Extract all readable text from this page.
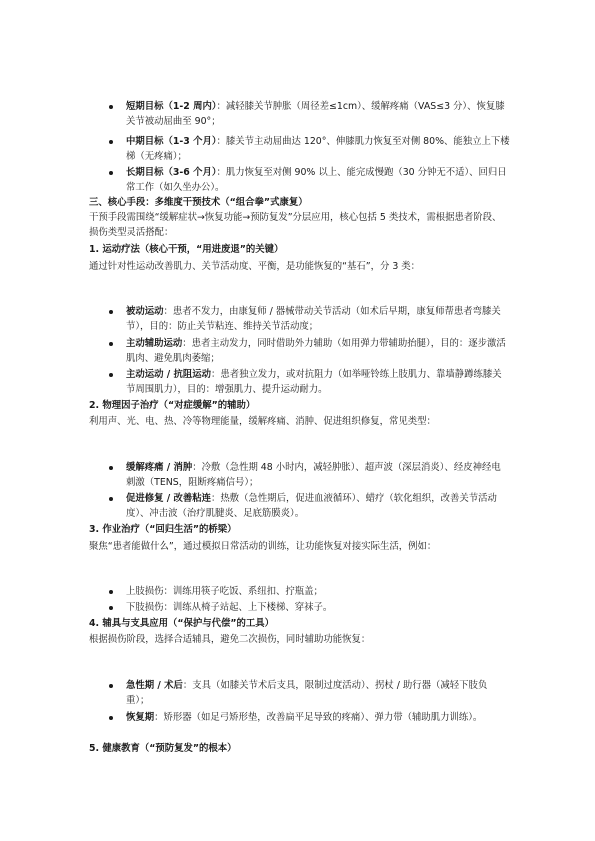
短期目标（1-2 周内）：减轻膝关节肿胀（周径差≤1cm）、缓解疼痛（VAS≤3 分）、恢复膝关节被动屈曲至 90°；

中期目标（1-3 个月）：膝关节主动屈曲达 120°、伸膝肌力恢复至对侧 80%、能独立上下楼梯（无疼痛）；

长期目标（3-6 个月）：肌力恢复至对侧 90% 以上、能完成慢跑（30 分钟无不适）、回归日常工作（如久坐办公）。

三、核心手段：多维度干预技术（“组合拳”式康复）

干预手段需围绕“缓解症状→恢复功能→预防复发”分层应用，核心包括 5 类技术，需根据患者阶段、损伤类型灵活搭配：

1. 运动疗法（核心干预，“用进废退”的关键）

通过针对性运动改善肌力、关节活动度、平衡，是功能恢复的“基石”，分 3 类：

被动运动：患者不发力，由康复师 / 器械带动关节活动（如术后早期，康复师帮患者弯膝关节），目的：防止关节粘连、维持关节活动度；

主动辅助运动：患者主动发力，同时借助外力辅助（如用弹力带辅助抬腿），目的：逐步激活肌肉、避免肌肉萎缩；

主动运动 / 抗阻运动：患者独立发力，或对抗阻力（如举哑铃练上肢肌力、靠墙静蹲练膝关节周围肌力），目的：增强肌力、提升运动耐力。

2. 物理因子治疗（“对症缓解”的辅助）

利用声、光、电、热、冷等物理能量，缓解疼痛、消肿、促进组织修复，常见类型：

缓解疼痛 / 消肿：冷敷（急性期 48 小时内，减轻肿胀）、超声波（深层消炎）、经皮神经电刺激（TENS，阻断疼痛信号）；

促进修复 / 改善粘连：热敷（急性期后，促进血液循环）、蜡疗（软化组织，改善关节活动度）、冲击波（治疗肌腱炎、足底筋膜炎）。

3. 作业治疗（“回归生活”的桥梁）

聚焦“患者能做什么”，通过模拟日常活动的训练，让功能恢复对接实际生活，例如：

上肢损伤：训练用筷子吃饭、系纽扣、拧瓶盖；

下肢损伤：训练从椅子站起、上下楼梯、穿袜子。

4. 辅具与支具应用（“保护与代偿”的工具）

根据损伤阶段，选择合适辅具，避免二次损伤，同时辅助功能恢复：

急性期 / 术后：支具（如膝关节术后支具，限制过度活动）、拐杖 / 助行器（减轻下肢负重）；

恢复期：矫形器（如足弓矫形垫，改善扁平足导致的疼痛）、弹力带（辅助肌力训练）。

5. 健康教育（“预防复发”的根本）
